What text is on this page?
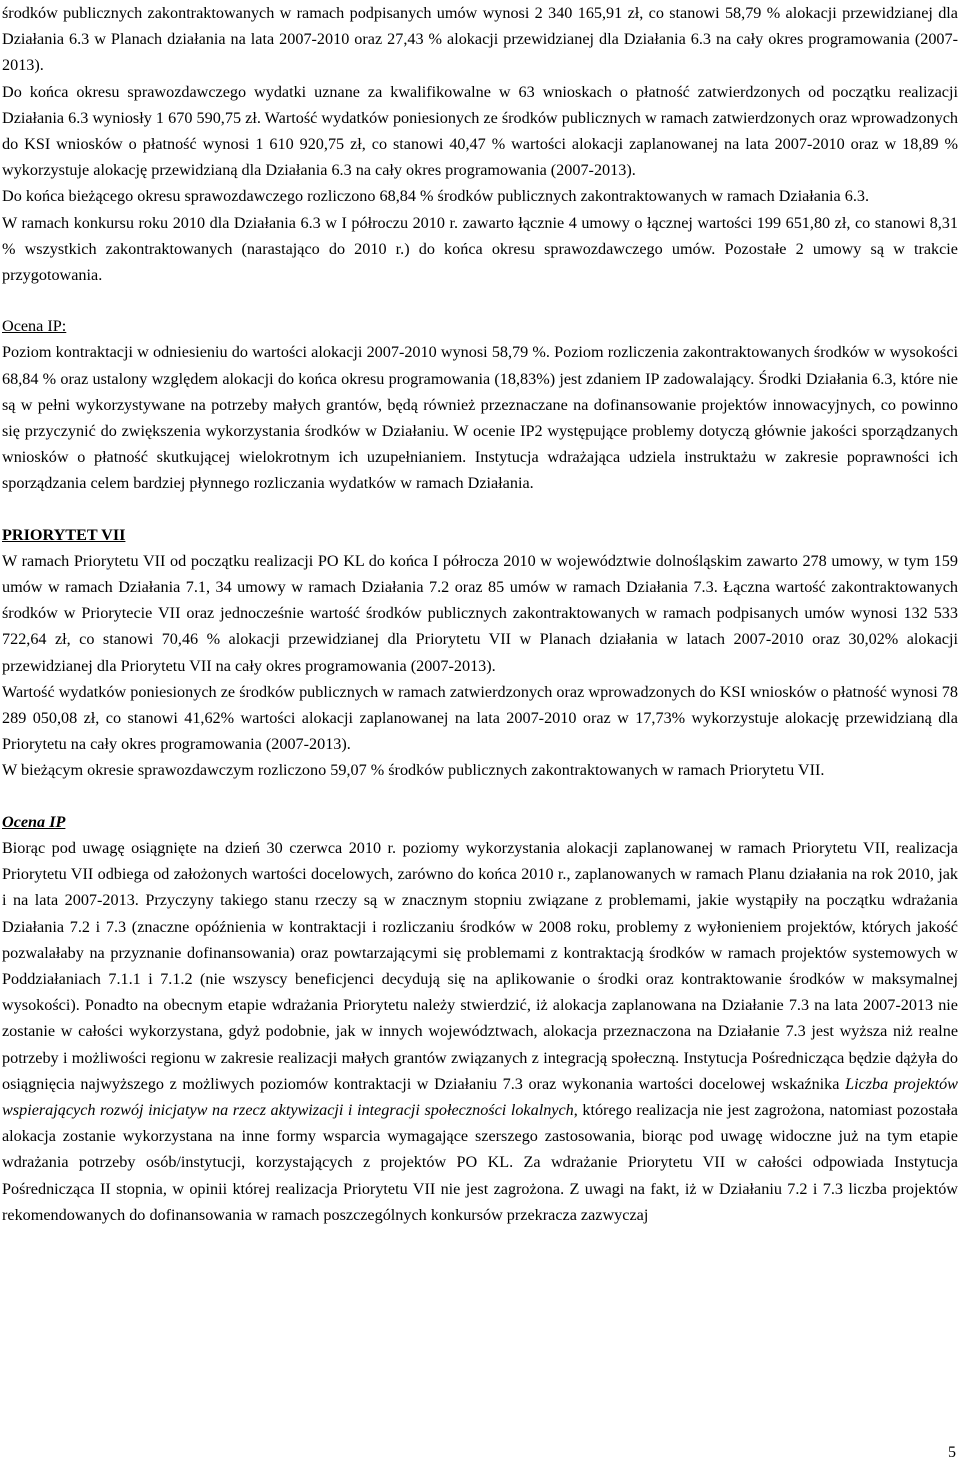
środków publicznych zakontraktowanych w ramach podpisanych umów wynosi 2 340 165,91 zł, co stanowi 58,79 % alokacji przewidzianej dla Działania 6.3 w Planach działania na lata 2007-2010 oraz 27,43 % alokacji przewidzianej dla Działania 6.3 na cały okres programowania (2007-2013).

Do końca okresu sprawozdawczego wydatki uznane za kwalifikowalne w 63 wnioskach o płatność zatwierdzonych od początku realizacji Działania 6.3 wyniosły 1 670 590,75 zł. Wartość wydatków poniesionych ze środków publicznych w ramach zatwierdzonych oraz wprowadzonych do KSI wniosków o płatność wynosi 1 610 920,75 zł, co stanowi 40,47 % wartości alokacji zaplanowanej na lata 2007-2010 oraz w 18,89 % wykorzystuje alokację przewidzianą dla Działania 6.3 na cały okres programowania (2007-2013).

Do końca bieżącego okresu sprawozdawczego rozliczono 68,84 % środków publicznych zakontraktowanych w ramach Działania 6.3.

W ramach konkursu roku 2010 dla Działania 6.3 w I półroczu 2010 r. zawarto łącznie 4 umowy o łącznej wartości 199 651,80 zł, co stanowi 8,31 % wszystkich zakontraktowanych (narastająco do 2010 r.) do końca okresu sprawozdawczego umów. Pozostałe 2 umowy są w trakcie przygotowania.

Ocena IP:

Poziom kontraktacji w odniesieniu do wartości alokacji 2007-2010 wynosi 58,79 %. Poziom rozliczenia zakontraktowanych środków w wysokości 68,84 % oraz ustalony względem alokacji do końca okresu programowania (18,83%) jest zdaniem IP zadowalający. Środki Działania 6.3, które nie są w pełni wykorzystywane na potrzeby małych grantów, będą również przeznaczane na dofinansowanie projektów innowacyjnych, co powinno się przyczynić do zwiększenia wykorzystania środków w Działaniu. W ocenie IP2 występujące problemy dotyczą głównie jakości sporządzanych wniosków o płatność skutkującej wielokrotnym ich uzupełnianiem. Instytucja wdrażająca udziela instruktażu w zakresie poprawności ich sporządzania celem bardziej płynnego rozliczania wydatków w ramach Działania.

PRIORYTET VII

W ramach Priorytetu VII od początku realizacji PO KL do końca I półrocza 2010 w województwie dolnośląskim zawarto 278 umowy, w tym 159 umów w ramach Działania 7.1, 34 umowy w ramach Działania 7.2 oraz 85 umów w ramach Działania 7.3. Łączna wartość zakontraktowanych środków w Priorytecie VII oraz jednocześnie wartość środków publicznych zakontraktowanych w ramach podpisanych umów wynosi 132 533 722,64 zł, co stanowi 70,46 % alokacji przewidzianej dla Priorytetu VII w Planach działania w latach 2007-2010 oraz 30,02% alokacji przewidzianej dla Priorytetu VII na cały okres programowania (2007-2013).

Wartość wydatków poniesionych ze środków publicznych w ramach zatwierdzonych oraz wprowadzonych do KSI wniosków o płatność wynosi 78 289 050,08 zł, co stanowi 41,62% wartości alokacji zaplanowanej na lata 2007-2010 oraz w 17,73% wykorzystuje alokację przewidzianą dla Priorytetu na cały okres programowania (2007-2013).

W bieżącym okresie sprawozdawczym rozliczono 59,07 % środków publicznych zakontraktowanych w ramach Priorytetu VII.

Ocena IP

Biorąc pod uwagę osiągnięte na dzień 30 czerwca 2010 r. poziomy wykorzystania alokacji zaplanowanej w ramach Priorytetu VII, realizacja Priorytetu VII odbiega od założonych wartości docelowych, zarówno do końca 2010 r., zaplanowanych w ramach Planu działania na rok 2010, jak i na lata 2007-2013. Przyczyny takiego stanu rzeczy są w znacznym stopniu związane z problemami, jakie wystąpiły na początku wdrażania Działania 7.2 i 7.3 (znaczne opóźnienia w kontraktacji i rozliczaniu środków w 2008 roku, problemy z wyłonieniem projektów, których jakość pozwalałaby na przyznanie dofinansowania) oraz powtarzającymi się problemami z kontraktacją środków w ramach projektów systemowych w Poddziałaniach 7.1.1 i 7.1.2 (nie wszyscy beneficjenci decydują się na aplikowanie o środki oraz kontraktowanie środków w maksymalnej wysokości). Ponadto na obecnym etapie wdrażania Priorytetu należy stwierdzić, iż alokacja zaplanowana na Działanie 7.3 na lata 2007-2013 nie zostanie w całości wykorzystana, gdyż podobnie, jak w innych województwach, alokacja przeznaczona na Działanie 7.3 jest wyższa niż realne potrzeby i możliwości regionu w zakresie realizacji małych grantów związanych z integracją społeczną. Instytucja Pośrednicząca będzie dążyła do osiągnięcia najwyższego z możliwych poziomów kontraktacji w Działaniu 7.3 oraz wykonania wartości docelowej wskaźnika Liczba projektów wspierających rozwój inicjatyw na rzecz aktywizacji i integracji społeczności lokalnych, którego realizacja nie jest zagrożona, natomiast pozostała alokacja zostanie wykorzystana na inne formy wsparcia wymagające szerszego zastosowania, biorąc pod uwagę widoczne już na tym etapie wdrażania potrzeby osób/instytucji, korzystających z projektów PO KL. Za wdrażanie Priorytetu VII w całości odpowiada Instytucja Pośrednicząca II stopnia, w opinii której realizacja Priorytetu VII nie jest zagrożona. Z uwagi na fakt, iż w Działaniu 7.2 i 7.3 liczba projektów rekomendowanych do dofinansowania w ramach poszczególnych konkursów przekracza zazwyczaj

5
